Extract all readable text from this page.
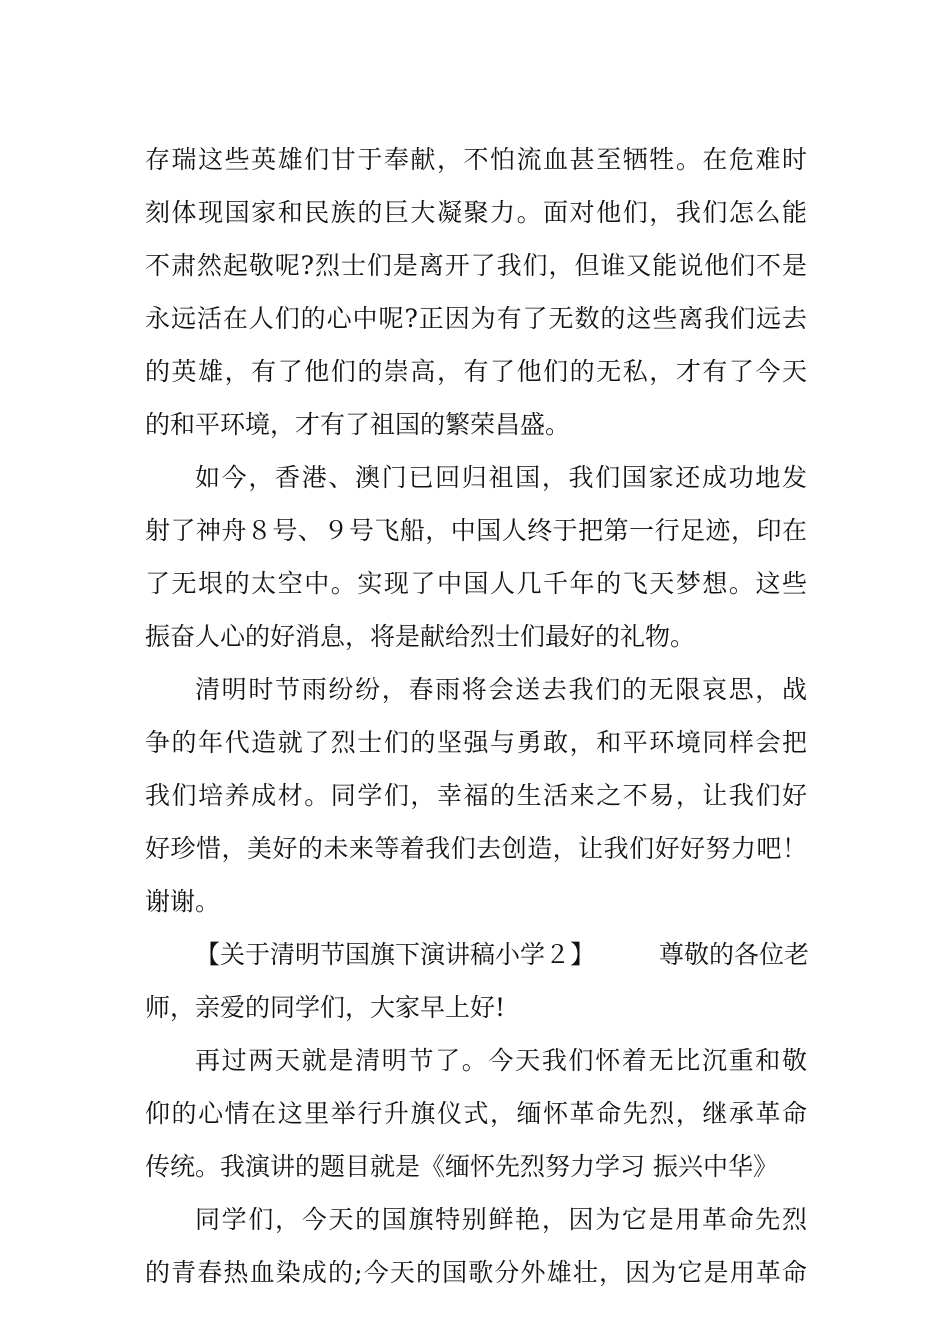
存瑞这些英雄们甘于奉献，不怕流血甚至牺牲。在危难时
刻体现国家和民族的巨大凝聚力。面对他们，我们怎么能
不肃然起敬呢?烈士们是离开了我们，但谁又能说他们不是
永远活在人们的心中呢?正因为有了无数的这些离我们远去
的英雄，有了他们的崇高，有了他们的无私，才有了今天
的和平环境，才有了祖国的繁荣昌盛。
如今，香港、澳门已回归祖国，我们国家还成功地发
射了神舟８号、９号飞船，中国人终于把第一行足迹，印在
了无垠的太空中。实现了中国人几千年的飞天梦想。这些
振奋人心的好消息，将是献给烈士们最好的礼物。
清明时节雨纷纷，春雨将会送去我们的无限哀思，战
争的年代造就了烈士们的坚强与勇敢，和平环境同样会把
我们培养成材。同学们，幸福的生活来之不易，让我们好
好珍惜，美好的未来等着我们去创造，让我们好好努力吧！
谢谢。
【关于清明节国旗下演讲稿小学２】	尊敬的各位老
师，亲爱的同学们，大家早上好!
再过两天就是清明节了。今天我们怀着无比沉重和敬
仰的心情在这里举行升旗仪式，缅怀革命先烈，继承革命
传统。我演讲的题目就是《缅怀先烈努力学习 振兴中华》
同学们，今天的国旗特别鲜艳，因为它是用革命先烈
的青春热血染成的;今天的国歌分外雄壮，因为它是用革命
